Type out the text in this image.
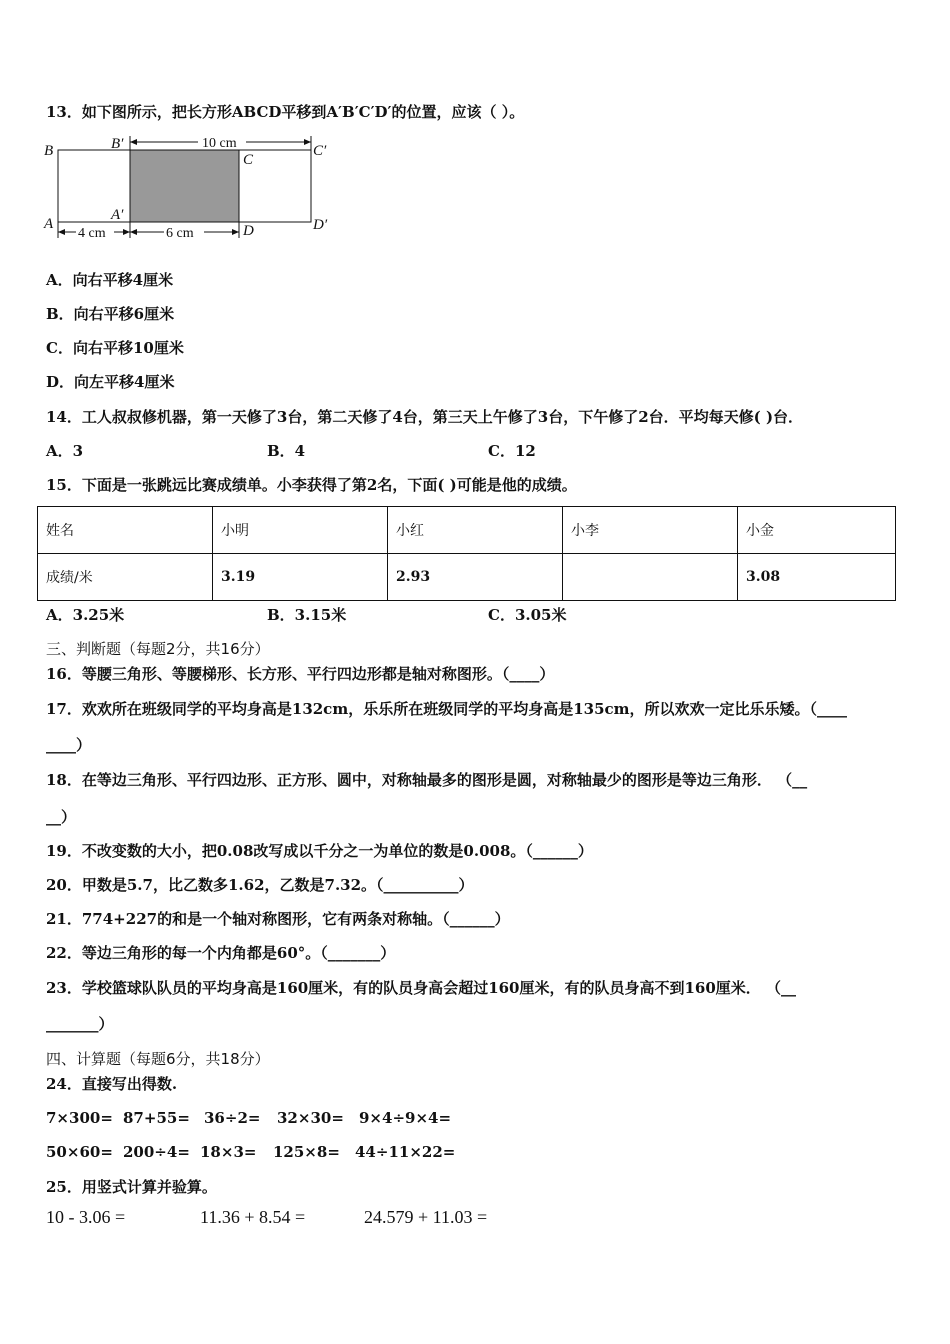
13．如下图所示，把长方形ABCD平移到A′B′C′D′的位置，应该（ ）。
10 cm
4 cm	6 cm
B	B′
C
C′
A
A′
D	D′
A．向右平移4厘米
B．向右平移6厘米
C．向右平移10厘米
D．向左平移4厘米
14．工人叔叔修机器，第一天修了3台，第二天修了4台，第三天上午修了3台，下午修了2台．平均每天修( )台．
A．3	B．4	C．12
15．下面是一张跳远比赛成绩单。小李获得了第2名，下面( )可能是他的成绩。
姓名	小明	小红	小李	小金
成绩/米	3.19	2.93		3.08
A．3.25米	B．3.15米	C．3.05米
三、判断题（每题2分，共16分）
16．等腰三角形、等腰梯形、长方形、平行四边形都是轴对称图形。（____）
17．欢欢所在班级同学的平均身高是132cm，乐乐所在班级同学的平均身高是135cm，所以欢欢一定比乐乐矮。（____
____）
18．在等边三角形、平行四边形、正方形、圆中，对称轴最多的图形是圆，对称轴最少的图形是等边三角形． （__
__）
19．不改变数的大小，把0.08改写成以千分之一为单位的数是0.008。（______）
20．甲数是5.7，比乙数多1.62，乙数是7.32。（__________）
21．774+227的和是一个轴对称图形，它有两条对称轴。（______）
22．等边三角形的每一个内角都是60°。（_______）
23．学校篮球队队员的平均身高是160厘米，有的队员身高会超过160厘米，有的队员身高不到160厘米． （__
_______）
四、计算题（每题6分，共18分）
24．直接写出得数.
7×300= 87+55= 36÷2= 32×30= 9×4÷9×4=
50×60= 200÷4= 18×3= 125×8= 44÷11×22=
25．用竖式计算并验算。
10 - 3.06 =	11.36 + 8.54 =	24.579 + 11.03 =
